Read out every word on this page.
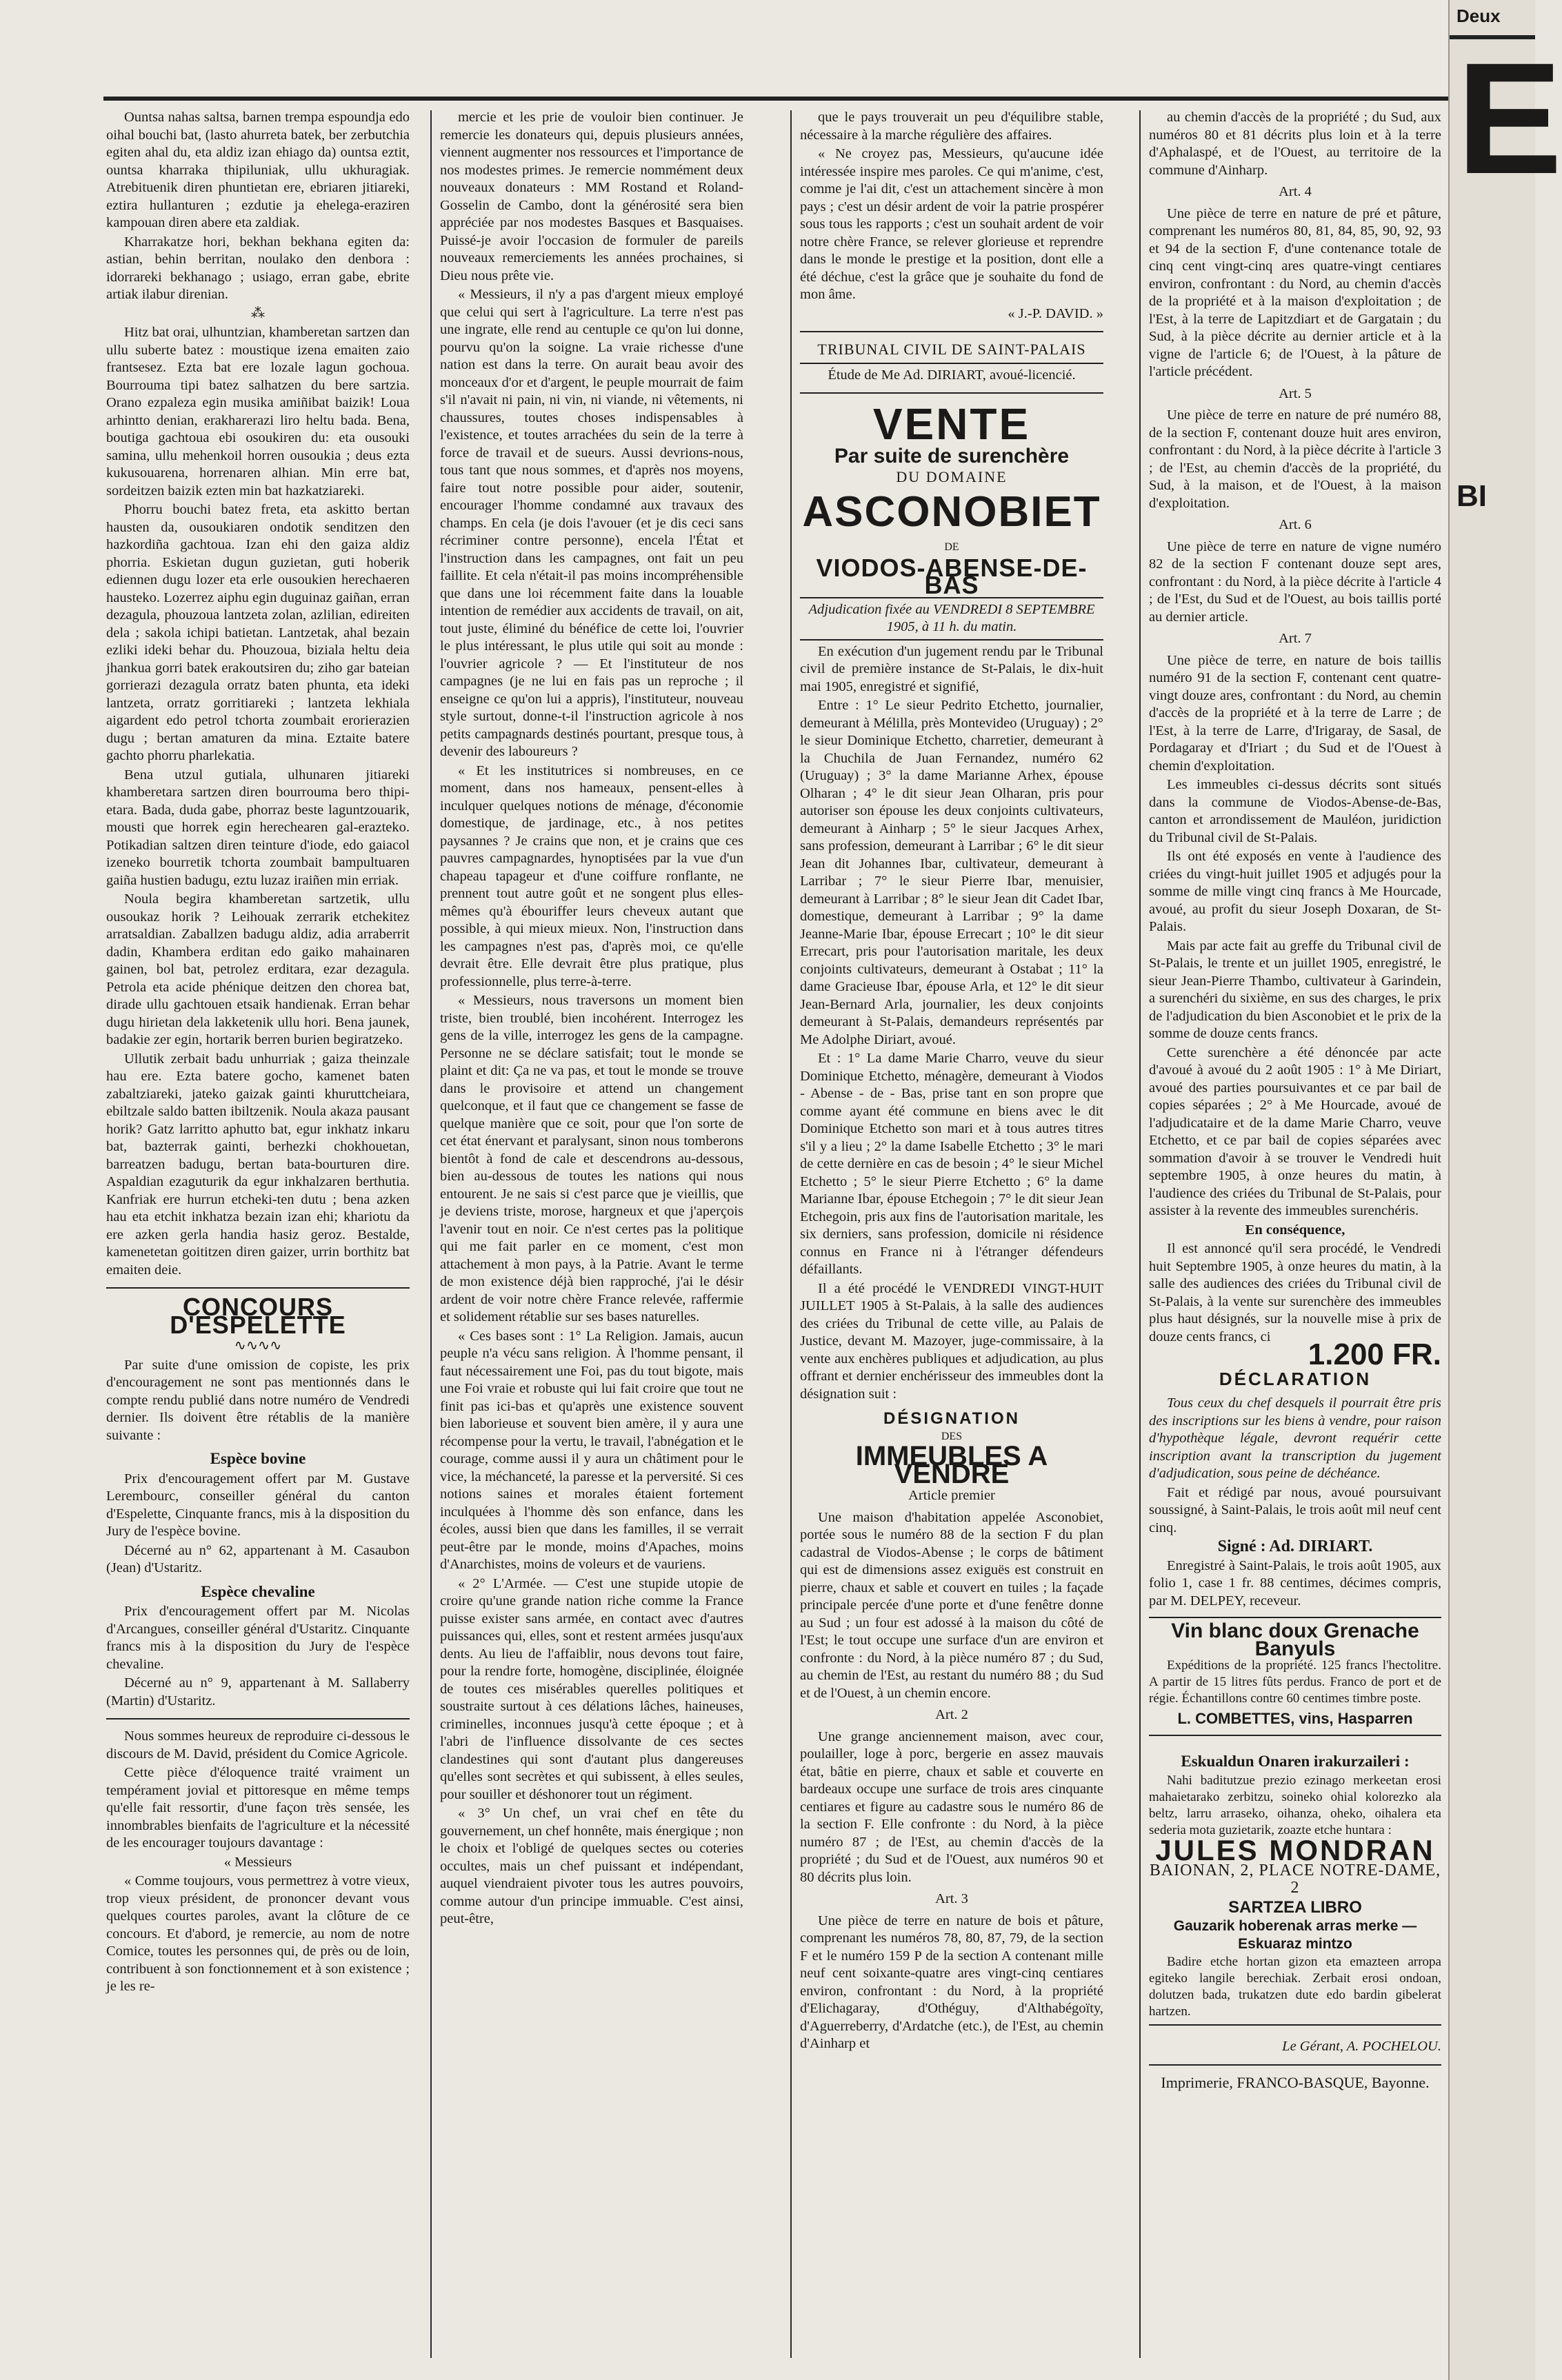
Ountsa nahas saltsa, barnen trempa espoundja edo oihal bouchi bat, (lasto ahurreta batek, ber zerbutchia egiten ahal du, eta aldiz izan ehiago da) ountsa eztit, ountsa kharraka thipiluniak, ullu ukhuragiak. Atrebituenik diren phuntietan ere, ebriaren jitiareki, eztira hullanturen ; ezdutie ja ehelega-eraziren kampouan diren abere eta zaldiak.

Kharrakatze hori, bekhan bekhana egiten da: astian, behin berritan, noulako den denbora : idorrareki bekhanago ; usiago, erran gabe, ebrite artiak ilabur direnian.

⁂

Hitz bat orai, ulhuntzian, khamberetan sartzen dan ullu suberte batez : moustique izena emaiten zaio frantsesez. Ezta bat ere lozale lagun gochoua. Bourrouma tipi batez salhatzen du bere sartzia. Orano ezpaleza egin musika amiñibat baizik! Loua arhintto denian, erakharerazi liro heltu bada. Bena, boutiga gachtoua ebi osoukiren du: eta ousouki samina, ullu mehenkoil horren ousoukia ; deus ezta kukusouarena, horrenaren alhian. Min erre bat, sordeitzen baizik ezten min bat hazkatziareki.

Phorru bouchi batez freta, eta askitto bertan hausten da, ousoukiaren ondotik senditzen den hazkordiña gachtoua. Izan ehi den gaiza aldiz phorria. Eskietan dugun guzietan, guti hoberik ediennen dugu lozer eta erle ousoukien herechaeren hausteko. Lozerrez aiphu egin duguinaz gaiñan, erran dezagula, phouzoua lantzeta zolan, azlilian, edireiten dela ; sakola ichipi batietan. Lantzetak, ahal bezain ezliki ideki behar du. Phouzoua, biziala heltu deia jhankua gorri batek erakoutsiren du; ziho gar bateian gorrierazi dezagula orratz baten phunta, eta ideki lantzeta, orratz gorritiareki ; lantzeta lekhiala aigardent edo petrol tchorta zoumbait erorierazien dugu ; bertan amaturen da mina. Eztaite batere gachto phorru pharlekatia.

Bena utzul gutiala, ulhunaren jitiareki khamberetara sartzen diren bourrouma bero thipi-etara. Bada, duda gabe, phorraz beste laguntzouarik, mousti que horrek egin herechearen gal-erazteko. Potikadian saltzen diren teinture d'iode, edo gaiacol izeneko bourretik tchorta zoumbait bampultuaren gaiña hustien badugu, eztu luzaz iraiñen min erriak.

Noula begira khamberetan sartzetik, ullu ousoukaz horik ? Leihouak zerrarik etchekitez arratsaldian. Zaballzen badugu aldiz, adia arraberrit dadin, Khambera erditan edo gaiko mahainaren gainen, bol bat, petrolez erditara, ezar dezagula. Petrola eta acide phénique deitzen den chorea bat, dirade ullu gachtouen etsaik handienak. Erran behar dugu hirietan dela lakketenik ullu hori. Bena jaunek, badakie zer egin, hortarik berren burien begiratzeko.

Ullutik zerbait badu unhurriak ; gaiza theinzale hau ere. Ezta batere gocho, kamenet baten zabaltziareki, jateko gaizak gainti khuruttcheiara, ebiltzale saldo batten ibiltzenik. Noula akaza pausant horik? Gatz larritto aphutto bat, egur inkhatz inkaru bat, bazterrak gainti, berhezki chokhouetan, barreatzen badugu, bertan bata-bourturen dire. Aspaldian ezaguturik da egur inkhalzaren berthutia. Kanfriak ere hurrun etcheki-ten dutu ; bena azken hau eta etchit inkhatza bezain izan ehi; khariotu da ere azken gerla handia hasiz geroz. Bestalde, kamenetetan goititzen diren gaizer, urrin borthitz bat emaiten deie.

CONCOURS D'ESPELETTE

∿∿∿∿

Par suite d'une omission de copiste, les prix d'encouragement ne sont pas mentionnés dans le compte rendu publié dans notre numéro de Vendredi dernier. Ils doivent être rétablis de la manière suivante :

Espèce bovine

Prix d'encouragement offert par M. Gustave Lerembourc, conseiller général du canton d'Espelette, Cinquante francs, mis à la disposition du Jury de l'espèce bovine.

Décerné au n° 62, appartenant à M. Casaubon (Jean) d'Ustaritz.

Espèce chevaline

Prix d'encouragement offert par M. Nicolas d'Arcangues, conseiller général d'Ustaritz. Cinquante francs mis à la disposition du Jury de l'espèce chevaline.

Décerné au n° 9, appartenant à M. Sallaberry (Martin) d'Ustaritz.

Nous sommes heureux de reproduire ci-dessous le discours de M. David, président du Comice Agricole.

Cette pièce d'éloquence traité vraiment un tempérament jovial et pittoresque en même temps qu'elle fait ressortir, d'une façon très sensée, les innombrables bienfaits de l'agriculture et la nécessité de les encourager toujours davantage :

« Messieurs

« Comme toujours, vous permettrez à votre vieux, trop vieux président, de prononcer devant vous quelques courtes paroles, avant la clôture de ce concours. Et d'abord, je remercie, au nom de notre Comice, toutes les personnes qui, de près ou de loin, contribuent à son fonctionnement et à son existence ; je les re-

mercie et les prie de vouloir bien continuer. Je remercie les donateurs qui, depuis plusieurs années, viennent augmenter nos ressources et l'importance de nos modestes primes. Je remercie nommément deux nouveaux donateurs : MM Rostand et Roland-Gosselin de Cambo, dont la générosité sera bien appréciée par nos modestes Basques et Basquaises. Puissé-je avoir l'occasion de formuler de pareils nouveaux remerciements les années prochaines, si Dieu nous prête vie.

« Messieurs, il n'y a pas d'argent mieux employé que celui qui sert à l'agriculture. La terre n'est pas une ingrate, elle rend au centuple ce qu'on lui donne, pourvu qu'on la soigne. La vraie richesse d'une nation est dans la terre. On aurait beau avoir des monceaux d'or et d'argent, le peuple mourrait de faim s'il n'avait ni pain, ni vin, ni viande, ni vêtements, ni chaussures, toutes choses indispensables à l'existence, et toutes arrachées du sein de la terre à force de travail et de sueurs. Aussi devrions-nous, tous tant que nous sommes, et d'après nos moyens, faire tout notre possible pour aider, soutenir, encourager l'homme condamné aux travaux des champs. En cela (je dois l'avouer (et je dis ceci sans récriminer contre personne), encela l'État et l'instruction dans les campagnes, ont fait un peu faillite. Et cela n'était-il pas moins incompréhensible que dans une loi récemment faite dans la louable intention de remédier aux accidents de travail, on ait, tout juste, éliminé du bénéfice de cette loi, l'ouvrier le plus intéressant, le plus utile qui soit au monde : l'ouvrier agricole ? — Et l'instituteur de nos campagnes (je ne lui en fais pas un reproche ; il enseigne ce qu'on lui a appris), l'instituteur, nouveau style surtout, donne-t-il l'instruction agricole à nos petits campagnards destinés pourtant, presque tous, à devenir des laboureurs ?

« Et les institutrices si nombreuses, en ce moment, dans nos hameaux, pensent-elles à inculquer quelques notions de ménage, d'économie domestique, de jardinage, etc., à nos petites paysannes ? Je crains que non, et je crains que ces pauvres campagnardes, hynoptisées par la vue d'un chapeau tapageur et d'une coiffure ronflante, ne prennent tout autre goût et ne songent plus elles-mêmes qu'à ébouriffer leurs cheveux autant que possible, à qui mieux mieux. Non, l'instruction dans les campagnes n'est pas, d'après moi, ce qu'elle devrait être. Elle devrait être plus pratique, plus professionnelle, plus terre-à-terre.

« Messieurs, nous traversons un moment bien triste, bien troublé, bien incohérent. Interrogez les gens de la ville, interrogez les gens de la campagne. Personne ne se déclare satisfait; tout le monde se plaint et dit: Ça ne va pas, et tout le monde se trouve dans le provisoire et attend un changement quelconque, et il faut que ce changement se fasse de quelque manière que ce soit, pour que l'on sorte de cet état énervant et paralysant, sinon nous tomberons bientôt à fond de cale et descendrons au-dessous, bien au-dessous de toutes les nations qui nous entourent. Je ne sais si c'est parce que je vieillis, que je deviens triste, morose, hargneux et que j'aperçois l'avenir tout en noir. Ce n'est certes pas la politique qui me fait parler en ce moment, c'est mon attachement à mon pays, à la Patrie. Avant le terme de mon existence déjà bien rapproché, j'ai le désir ardent de voir notre chère France relevée, raffermie et solidement rétablie sur ses bases naturelles.

« Ces bases sont : 1° La Religion. Jamais, aucun peuple n'a vécu sans religion. À l'homme pensant, il faut nécessairement une Foi, pas du tout bigote, mais une Foi vraie et robuste qui lui fait croire que tout ne finit pas ici-bas et qu'après une existence souvent bien laborieuse et souvent bien amère, il y aura une récompense pour la vertu, le travail, l'abnégation et le courage, comme aussi il y aura un châtiment pour le vice, la méchanceté, la paresse et la perversité. Si ces notions saines et morales étaient fortement inculquées à l'homme dès son enfance, dans les écoles, aussi bien que dans les familles, il se verrait peut-être par le monde, moins d'Apaches, moins d'Anarchistes, moins de voleurs et de vauriens.

« 2° L'Armée. — C'est une stupide utopie de croire qu'une grande nation riche comme la France puisse exister sans armée, en contact avec d'autres puissances qui, elles, sont et restent armées jusqu'aux dents. Au lieu de l'affaiblir, nous devons tout faire, pour la rendre forte, homogène, disciplinée, éloignée de toutes ces misérables querelles politiques et soustraite surtout à ces délations lâches, haineuses, criminelles, inconnues jusqu'à cette époque ; et à l'abri de l'influence dissolvante de ces sectes clandestines qui sont d'autant plus dangereuses qu'elles sont secrètes et qui subissent, à elles seules, pour souiller et déshonorer tout un régiment.

« 3° Un chef, un vrai chef en tête du gouvernement, un chef honnête, mais énergique ; non le choix et l'obligé de quelques sectes ou coteries occultes, mais un chef puissant et indépendant, auquel viendraient pivoter tous les autres pouvoirs, comme autour d'un principe immuable. C'est ainsi, peut-être,

que le pays trouverait un peu d'équilibre stable, nécessaire à la marche régulière des affaires.

« Ne croyez pas, Messieurs, qu'aucune idée intéressée inspire mes paroles. Ce qui m'anime, c'est, comme je l'ai dit, c'est un attachement sincère à mon pays ; c'est un désir ardent de voir la patrie prospérer sous tous les rapports ; c'est un souhait ardent de voir notre chère France, se relever glorieuse et reprendre dans le monde le prestige et la position, dont elle a été déchue, c'est la grâce que je souhaite du fond de mon âme.

« J.-P. DAVID. »

TRIBUNAL CIVIL DE SAINT-PALAIS

Étude de Me Ad. DIRIART, avoué-licencié.

VENTE
Par suite de surenchère
DU DOMAINE
ASCONOBIET
DE
VIODOS-ABENSE-DE-BAS

Adjudication fixée au VENDREDI 8 SEPTEMBRE 1905, à 11 h. du matin.

En exécution d'un jugement rendu par le Tribunal civil de première instance de St-Palais, le dix-huit mai 1905, enregistré et signifié,

Entre : 1° Le sieur Pedrito Etchetto, journalier, demeurant à Mélilla, près Montevideo (Uruguay) ; 2° le sieur Dominique Etchetto, charretier, demeurant à la Chuchila de Juan Fernandez, numéro 62 (Uruguay) ; 3° la dame Marianne Arhex, épouse Olharan ; 4° le dit sieur Jean Olharan, pris pour autoriser son épouse les deux conjoints cultivateurs, demeurant à Ainharp ; 5° le sieur Jacques Arhex, sans profession, demeurant à Larribar ; 6° le dit sieur Jean dit Johannes Ibar, cultivateur, demeurant à Larribar ; 7° le sieur Pierre Ibar, menuisier, demeurant à Larribar ; 8° le sieur Jean dit Cadet Ibar, domestique, demeurant à Larribar ; 9° la dame Jeanne-Marie Ibar, épouse Errecart ; 10° le dit sieur Errecart, pris pour l'autorisation maritale, les deux conjoints cultivateurs, demeurant à Ostabat ; 11° la dame Gracieuse Ibar, épouse Arla, et 12° le dit sieur Jean-Bernard Arla, journalier, les deux conjoints demeurant à St-Palais, demandeurs représentés par Me Adolphe Diriart, avoué.

Et : 1° La dame Marie Charro, veuve du sieur Dominique Etchetto, ménagère, demeurant à Viodos - Abense - de - Bas, prise tant en son propre que comme ayant été commune en biens avec le dit Dominique Etchetto son mari et à tous autres titres s'il y a lieu ; 2° la dame Isabelle Etchetto ; 3° le mari de cette dernière en cas de besoin ; 4° le sieur Michel Etchetto ; 5° le sieur Pierre Etchetto ; 6° la dame Marianne Ibar, épouse Etchegoin ; 7° le dit sieur Jean Etchegoin, pris aux fins de l'autorisation maritale, les six derniers, sans profession, domicile ni résidence connus en France ni à l'étranger défendeurs défaillants.

Il a été procédé le VENDREDI VINGT-HUIT JUILLET 1905 à St-Palais, à la salle des audiences des criées du Tribunal de cette ville, au Palais de Justice, devant M. Mazoyer, juge-commissaire, à la vente aux enchères publiques et adjudication, au plus offrant et dernier enchérisseur des immeubles dont la désignation suit :

DÉSIGNATION
DES
IMMEUBLES A VENDRE

Article premier

Une maison d'habitation appelée Asconobiet, portée sous le numéro 88 de la section F du plan cadastral de Viodos-Abense ; le corps de bâtiment qui est de dimensions assez exiguës est construit en pierre, chaux et sable et couvert en tuiles ; la façade principale percée d'une porte et d'une fenêtre donne au Sud ; un four est adossé à la maison du côté de l'Est; le tout occupe une surface d'un are environ et confronte : du Nord, à la pièce numéro 87 ; du Sud, au chemin de l'Est, au restant du numéro 88 ; du Sud et de l'Ouest, à un chemin encore.

Art. 2

Une grange anciennement maison, avec cour, poulailler, loge à porc, bergerie en assez mauvais état, bâtie en pierre, chaux et sable et couverte en bardeaux occupe une surface de trois ares cinquante centiares et figure au cadastre sous le numéro 86 de la section F. Elle confronte : du Nord, à la pièce numéro 87 ; de l'Est, au chemin d'accès de la propriété ; du Sud et de l'Ouest, aux numéros 90 et 80 décrits plus loin.

Art. 3

Une pièce de terre en nature de bois et pâture, comprenant les numéros 78, 80, 87, 79, de la section F et le numéro 159 P de la section A contenant mille neuf cent soixante-quatre ares vingt-cinq centiares environ, confrontant : du Nord, à la propriété d'Elichagaray, d'Othéguy, d'Althabégoïty, d'Aguerreberry, d'Ardatche (etc.), de l'Est, au chemin d'Ainharp et

au chemin d'accès de la propriété ; du Sud, aux numéros 80 et 81 décrits plus loin et à la terre d'Aphalaspé, et de l'Ouest, au territoire de la commune d'Ainharp.

Art. 4

Une pièce de terre en nature de pré et pâture, comprenant les numéros 80, 81, 84, 85, 90, 92, 93 et 94 de la section F, d'une contenance totale de cinq cent vingt-cinq ares quatre-vingt centiares environ, confrontant : du Nord, au chemin d'accès de la propriété et à la maison d'exploitation ; de l'Est, à la terre de Lapitzdiart et de Gargatain ; du Sud, à la pièce décrite au dernier article et à la vigne de l'article 6; de l'Ouest, à la pâture de l'article précédent.

Art. 5

Une pièce de terre en nature de pré numéro 88, de la section F, contenant douze huit ares environ, confrontant : du Nord, à la pièce décrite à l'article 3 ; de l'Est, au chemin d'accès de la propriété, du Sud, à la maison, et de l'Ouest, à la maison d'exploitation.

Art. 6

Une pièce de terre en nature de vigne numéro 82 de la section F contenant douze sept ares, confrontant : du Nord, à la pièce décrite à l'article 4 ; de l'Est, du Sud et de l'Ouest, au bois taillis porté au dernier article.

Art. 7

Une pièce de terre, en nature de bois taillis numéro 91 de la section F, contenant cent quatre-vingt douze ares, confrontant : du Nord, au chemin d'accès de la propriété et à la terre de Larre ; de l'Est, à la terre de Larre, d'Irigaray, de Sasal, de Pordagaray et d'Iriart ; du Sud et de l'Ouest à chemin d'exploitation.

Les immeubles ci-dessus décrits sont situés dans la commune de Viodos-Abense-de-Bas, canton et arrondissement de Mauléon, juridiction du Tribunal civil de St-Palais.

Ils ont été exposés en vente à l'audience des criées du vingt-huit juillet 1905 et adjugés pour la somme de mille vingt cinq francs à Me Hourcade, avoué, au profit du sieur Joseph Doxaran, de St-Palais.

Mais par acte fait au greffe du Tribunal civil de St-Palais, le trente et un juillet 1905, enregistré, le sieur Jean-Pierre Thambo, cultivateur à Garindein, a surenchéri du sixième, en sus des charges, le prix de l'adjudication du bien Asconobiet et le prix de la somme de douze cents francs.

Cette surenchère a été dénoncée par acte d'avoué à avoué du 2 août 1905 : 1° à Me Diriart, avoué des parties poursuivantes et ce par bail de copies séparées ; 2° à Me Hourcade, avoué de l'adjudicataire et de la dame Marie Charro, veuve Etchetto, et ce par bail de copies séparées avec sommation d'avoir à se trouver le Vendredi huit septembre 1905, à onze heures du matin, à l'audience des criées du Tribunal de St-Palais, pour assister à la revente des immeubles surenchéris.

En conséquence,

Il est annoncé qu'il sera procédé, le Vendredi huit Septembre 1905, à onze heures du matin, à la salle des audiences des criées du Tribunal civil de St-Palais, à la vente sur surenchère des immeubles plus haut désignés, sur la nouvelle mise à prix de douze cents francs, ci

1.200 FR.
DÉCLARATION

Tous ceux du chef desquels il pourrait être pris des inscriptions sur les biens à vendre, pour raison d'hypothèque légale, devront requérir cette inscription avant la transcription du jugement d'adjudication, sous peine de déchéance.

Fait et rédigé par nous, avoué poursuivant soussigné, à Saint-Palais, le trois août mil neuf cent cinq.

Signé : Ad. DIRIART.

Enregistré à Saint-Palais, le trois août 1905, aux folio 1, case 1 fr. 88 centimes, décimes compris, par M. DELPEY, receveur.

Vin blanc doux Grenache Banyuls

Expéditions de la propriété. 125 francs l'hectolitre. A partir de 15 litres fûts perdus. Franco de port et de régie. Échantillons contre 60 centimes timbre poste.

L. COMBETTES, vins, Hasparren
Eskualdun Onaren irakurzaileri :

Nahi baditutzue prezio ezinago merkeetan erosi mahaietarako zerbitzu, soineko ohial kolorezko ala beltz, larru arraseko, oihanza, oheko, oihalera eta sederia mota guzietarik, zoazte etche huntara :

JULES MONDRAN
BAIONAN, 2, PLACE NOTRE-DAME, 2
SARTZEA LIBRO
Gauzarik hoberenak arras merke — Eskuaraz mintzo

Badire etche hortan gizon eta emazteen arropa egiteko langile berechiak. Zerbait erosi ondoan, dolutzen bada, trukatzen dute edo bardin gibelerat hartzen.

Le Gérant, A. POCHELOU.
Imprimerie, FRANCO-BASQUE, Bayonne.
Deux
E
BI
